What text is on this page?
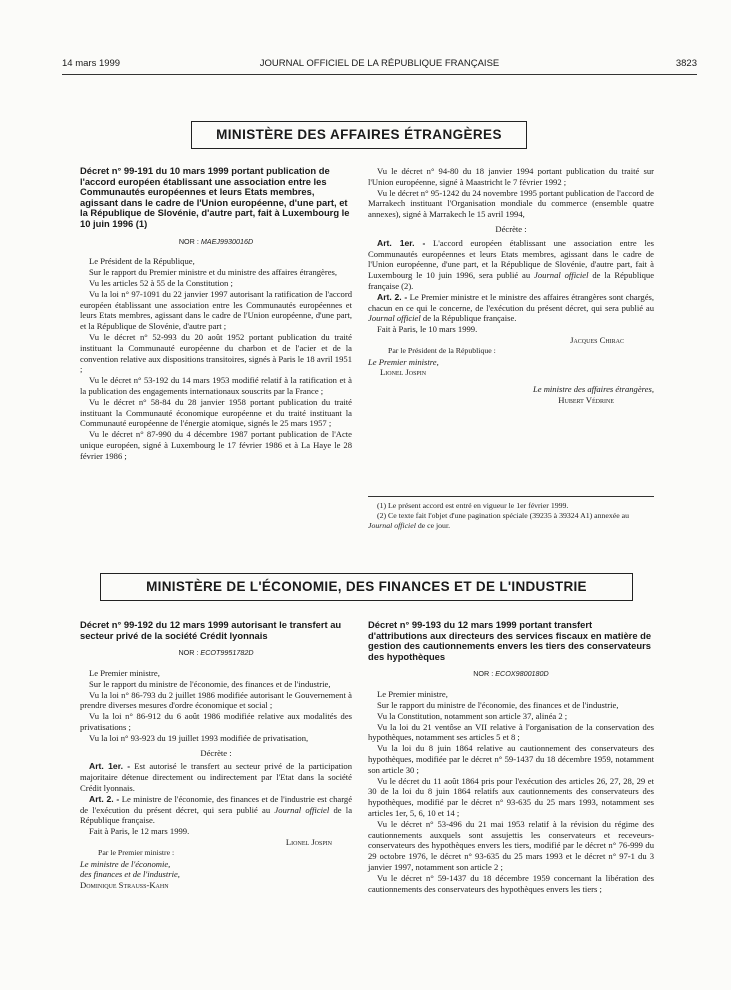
14 mars 1999	JOURNAL OFFICIEL DE LA RÉPUBLIQUE FRANÇAISE	3823
MINISTÈRE DES AFFAIRES ÉTRANGÈRES
Décret n° 99-191 du 10 mars 1999 portant publication de l'accord européen établissant une association entre les Communautés européennes et leurs Etats membres, agissant dans le cadre de l'Union européenne, d'une part, et la République de Slovénie, d'autre part, fait à Luxembourg le 10 juin 1996 (1)
NOR : MAEJ9930016D

Le Président de la République,

Sur le rapport du Premier ministre et du ministre des affaires étrangères,

Vu les articles 52 à 55 de la Constitution ;

Vu la loi n° 97-1091 du 22 janvier 1997 autorisant la ratification de l'accord européen établissant une association entre les Communautés européennes et leurs Etats membres, agissant dans le cadre de l'Union européenne, d'une part, et la République de Slovénie, d'autre part ;

Vu le décret n° 52-993 du 20 août 1952 portant publication du traité instituant la Communauté européenne du charbon et de l'acier et de la convention relative aux dispositions transitoires, signés à Paris le 18 avril 1951 ;

Vu le décret n° 53-192 du 14 mars 1953 modifié relatif à la ratification et à la publication des engagements internationaux souscrits par la France ;

Vu le décret n° 58-84 du 28 janvier 1958 portant publication du traité instituant la Communauté économique européenne et du traité instituant la Communauté européenne de l'énergie atomique, signés le 25 mars 1957 ;

Vu le décret n° 87-990 du 4 décembre 1987 portant publication de l'Acte unique européen, signé à Luxembourg le 17 février 1986 et à La Haye le 28 février 1986 ;

Vu le décret n° 94-80 du 18 janvier 1994 portant publication du traité sur l'Union européenne, signé à Maastricht le 7 février 1992 ;

Vu le décret n° 95-1242 du 24 novembre 1995 portant publication de l'accord de Marrakech instituant l'Organisation mondiale du commerce (ensemble quatre annexes), signé à Marrakech le 15 avril 1994,

Décrète :

Art. 1er. - L'accord européen établissant une association entre les Communautés européennes et leurs Etats membres, agissant dans le cadre de l'Union européenne, d'une part, et la République de Slovénie, d'autre part, fait à Luxembourg le 10 juin 1996, sera publié au Journal officiel de la République française (2).

Art. 2. - Le Premier ministre et le ministre des affaires étrangères sont chargés, chacun en ce qui le concerne, de l'exécution du présent décret, qui sera publié au Journal officiel de la République française.

Fait à Paris, le 10 mars 1999.

Jacques Chirac

Par le Président de la République :

Le Premier ministre,

Lionel Jospin

Le ministre des affaires étrangères,

Hubert Védrine

(1) Le présent accord est entré en vigueur le 1er février 1999.

(2) Ce texte fait l'objet d'une pagination spéciale (39235 à 39324 A1) annexée au Journal officiel de ce jour.

MINISTÈRE DE L'ÉCONOMIE, DES FINANCES ET DE L'INDUSTRIE
Décret n° 99-192 du 12 mars 1999 autorisant le transfert au secteur privé de la société Crédit lyonnais
NOR : ECOT9951782D

Le Premier ministre,

Sur le rapport du ministre de l'économie, des finances et de l'industrie,

Vu la loi n° 86-793 du 2 juillet 1986 modifiée autorisant le Gouvernement à prendre diverses mesures d'ordre économique et social ;

Vu la loi n° 86-912 du 6 août 1986 modifiée relative aux modalités des privatisations ;

Vu la loi n° 93-923 du 19 juillet 1993 modifiée de privatisation,

Décrète :

Art. 1er. - Est autorisé le transfert au secteur privé de la participation majoritaire détenue directement ou indirectement par l'Etat dans la société Crédit lyonnais.

Art. 2. - Le ministre de l'économie, des finances et de l'industrie est chargé de l'exécution du présent décret, qui sera publié au Journal officiel de la République française.

Fait à Paris, le 12 mars 1999.

Lionel Jospin

Par le Premier ministre :

Le ministre de l'économie,

des finances et de l'industrie,

Dominique Strauss-Kahn

Décret n° 99-193 du 12 mars 1999 portant transfert d'attributions aux directeurs des services fiscaux en matière de gestion des cautionnements envers les tiers des conservateurs des hypothèques
NOR : ECOX9800180D

Le Premier ministre,

Sur le rapport du ministre de l'économie, des finances et de l'industrie,

Vu la Constitution, notamment son article 37, alinéa 2 ;

Vu la loi du 21 ventôse an VII relative à l'organisation de la conservation des hypothèques, notamment ses articles 5 et 8 ;

Vu la loi du 8 juin 1864 relative au cautionnement des conservateurs des hypothèques, modifiée par le décret n° 59-1437 du 18 décembre 1959, notamment son article 30 ;

Vu le décret du 11 août 1864 pris pour l'exécution des articles 26, 27, 28, 29 et 30 de la loi du 8 juin 1864 relatifs aux cautionnements des conservateurs des hypothèques, modifié par le décret n° 93-635 du 25 mars 1993, notamment ses articles 1er, 5, 6, 10 et 14 ;

Vu le décret n° 53-496 du 21 mai 1953 relatif à la révision du régime des cautionnements auxquels sont assujettis les conservateurs et receveurs-conservateurs des hypothèques envers les tiers, modifié par le décret n° 76-999 du 29 octobre 1976, le décret n° 93-635 du 25 mars 1993 et le décret n° 97-1 du 3 janvier 1997, notamment son article 2 ;

Vu le décret n° 59-1437 du 18 décembre 1959 concernant la libération des cautionnements des conservateurs des hypothèques envers les tiers ;
